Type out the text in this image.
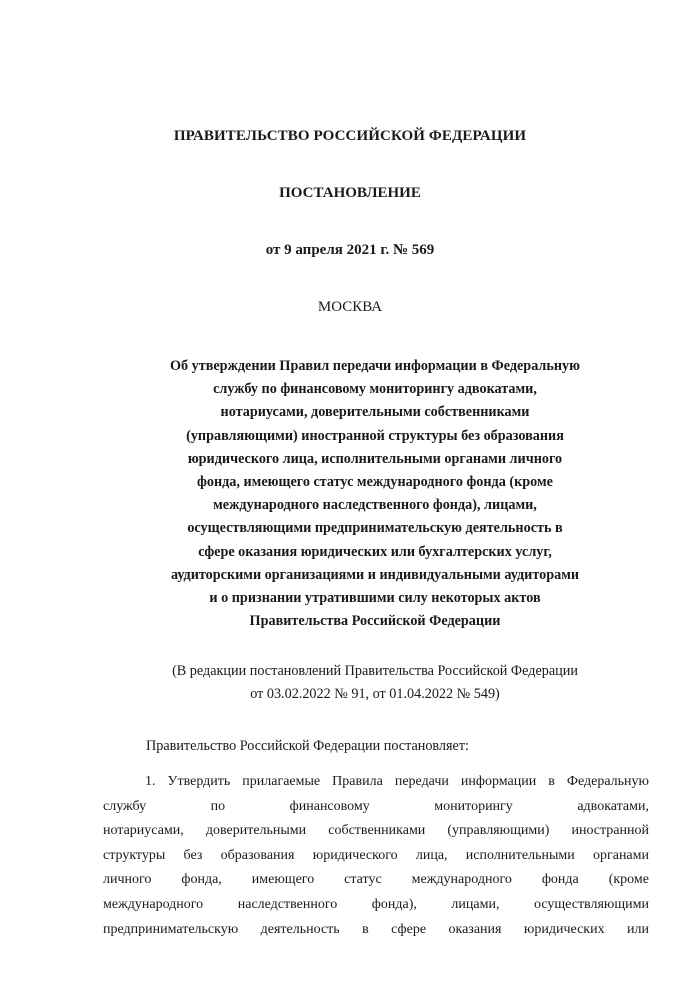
ПРАВИТЕЛЬСТВО РОССИЙСКОЙ ФЕДЕРАЦИИ
ПОСТАНОВЛЕНИЕ
от 9 апреля 2021 г. № 569
МОСКВА
Об утверждении Правил передачи информации в Федеральную
службу по финансовому мониторингу адвокатами,
нотариусами, доверительными собственниками
(управляющими) иностранной структуры без образования
юридического лица, исполнительными органами личного
фонда, имеющего статус международного фонда (кроме
международного наследственного фонда), лицами,
осуществляющими предпринимательскую деятельность в
сфере оказания юридических или бухгалтерских услуг,
аудиторскими организациями и индивидуальными аудиторами
и о признании утратившими силу некоторых актов
Правительства Российской Федерации
(В редакции постановлений Правительства Российской Федерации
от 03.02.2022 № 91, от 01.04.2022 № 549)
Правительство Российской Федерации постановляет:
1. Утвердить прилагаемые Правила передачи информации в Федеральную
службу по финансовому мониторингу адвокатами,
нотариусами, доверительными собственниками (управляющими) иностранной
структуры без образования юридического лица, исполнительными органами
личного фонда, имеющего статус международного фонда (кроме
международного наследственного фонда), лицами, осуществляющими
предпринимательскую деятельность в сфере оказания юридических или
